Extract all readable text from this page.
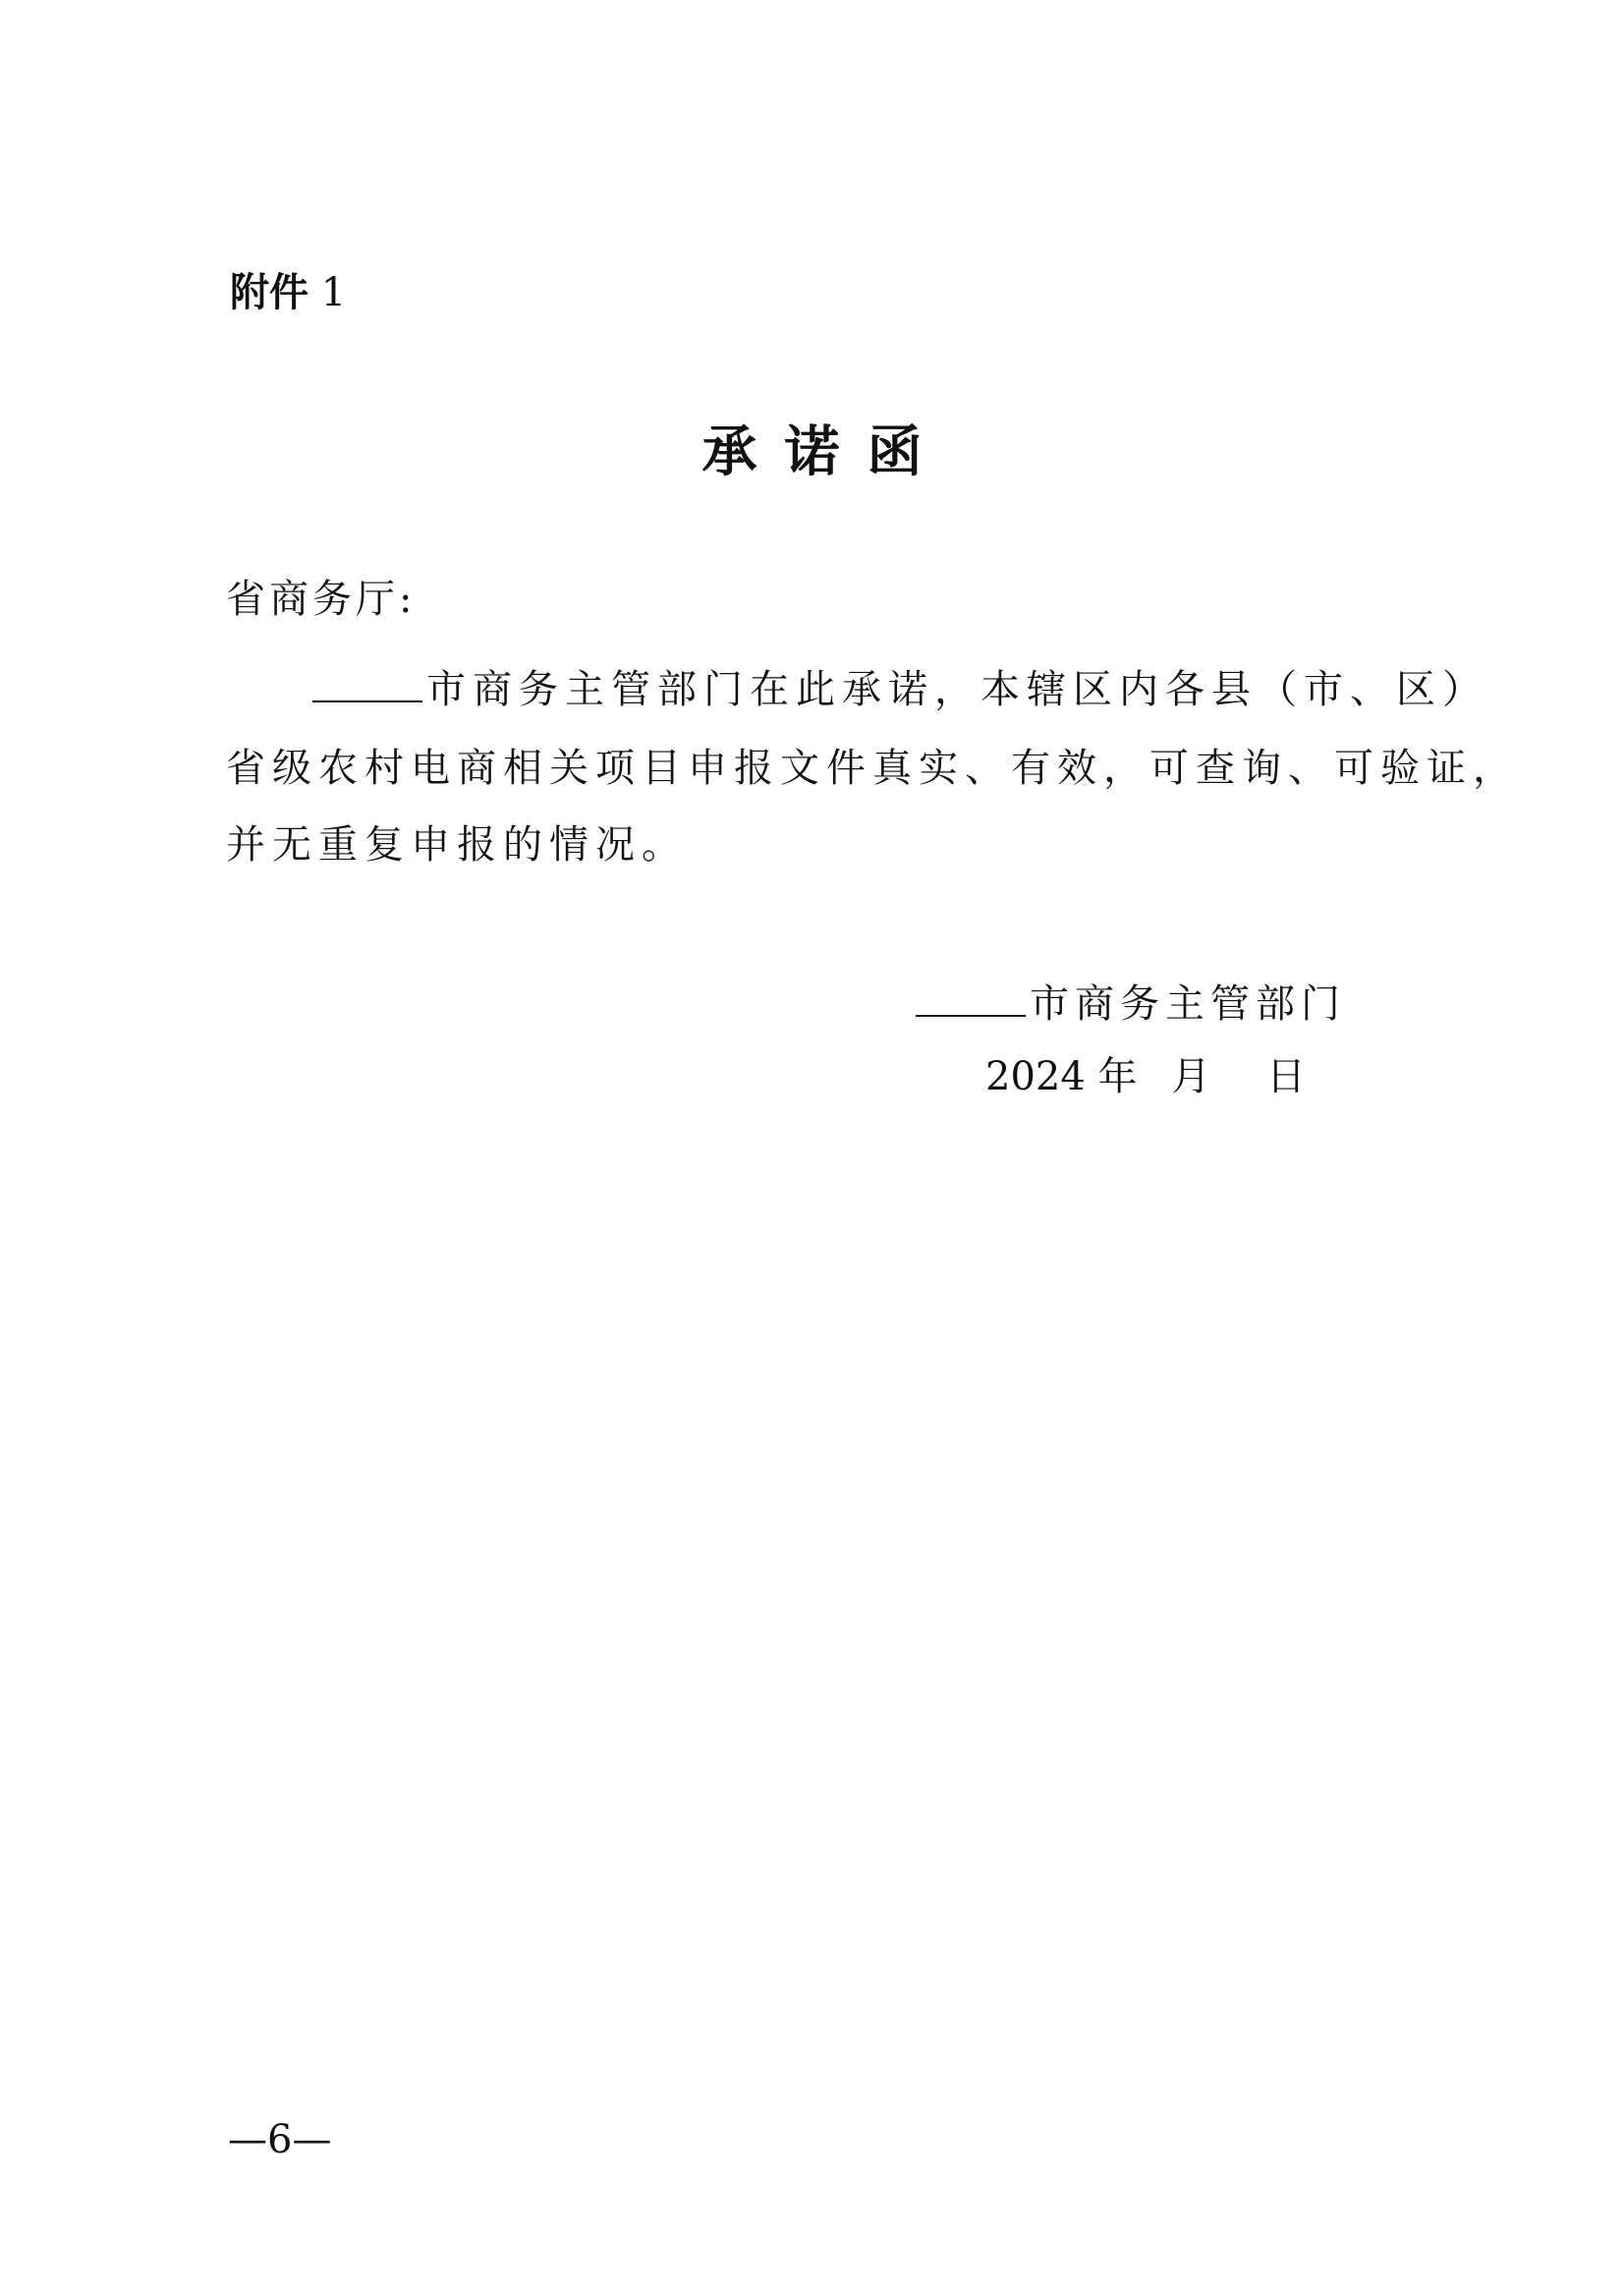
附件 1
承诺函
省商务厅:
市商务主管部门在此承诺，本辖区内各县（市、区）
省级农村电商相关项目申报文件真实、有效，可查询、可验证，
并无重复申报的情况。
市商务主管部门
2024 年 月 日
—6—
